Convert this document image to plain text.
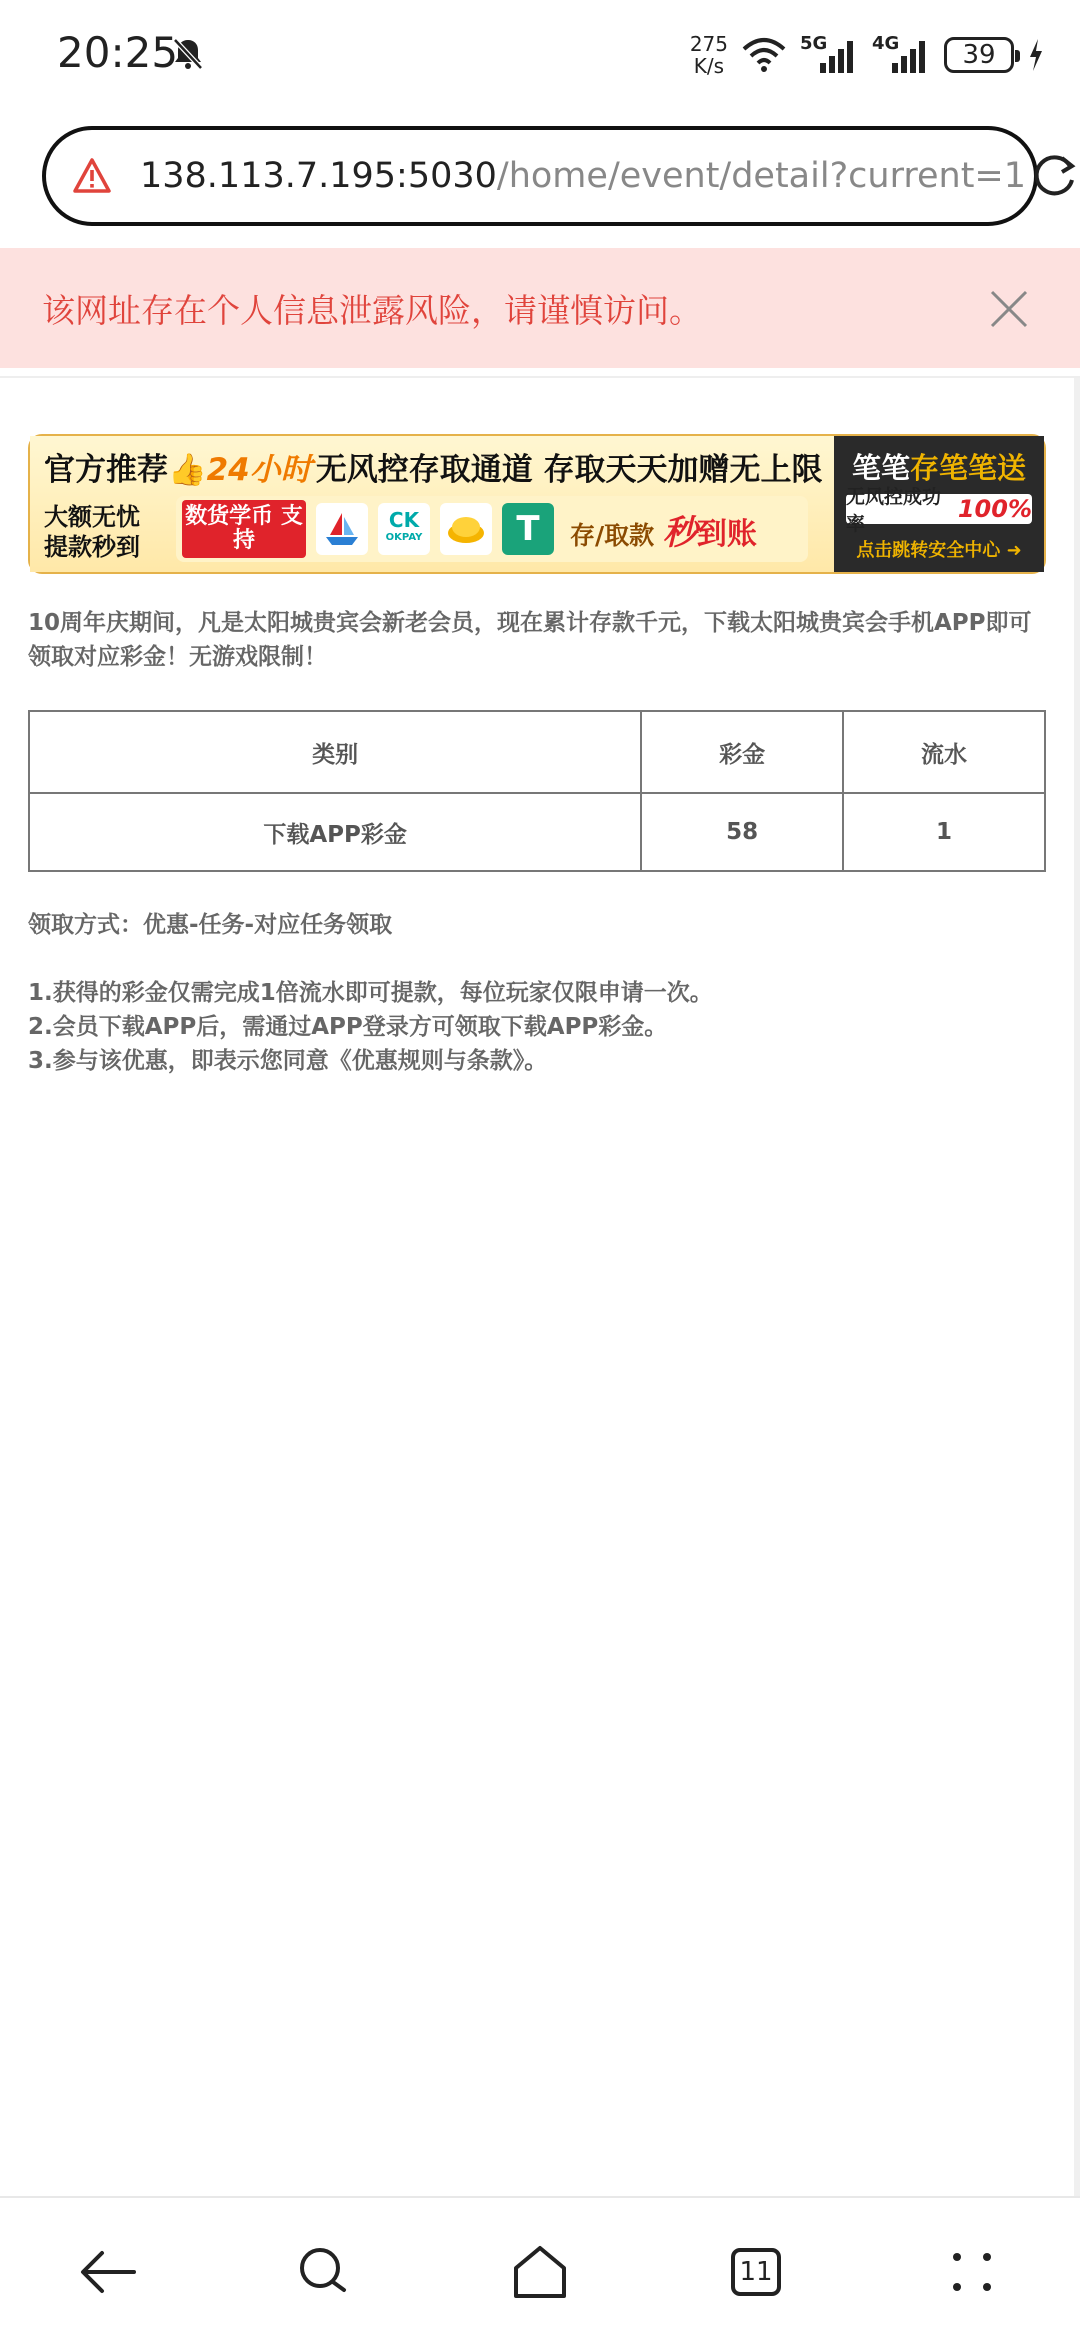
20:25	275
K/s
5G 4G	39
138.113.7.195:5030/home/event/detail?current=1
该网址存在个人信息泄露风险，请谨慎访问。
官方推荐👍24小时 无风控存取通道 存取天天加赠无上限
大额无忧提款秒到
数货学币 支持
CK
OKPAY	T	存/取款 秒到账
笔笔存笔笔送
无风控成功率
100%
点击跳转安全中心 ➜
10周年庆期间，凡是太阳城贵宾会新老会员，现在累计存款千元，下载太阳城贵宾会手机APP即可领取对应彩金！无游戏限制！
类别	彩金	流水
下载APP彩金	58	1
领取方式：优惠-任务-对应任务领取
1.获得的彩金仅需完成1倍流水即可提款，每位玩家仅限申请一次。
2.会员下载APP后，需通过APP登录方可领取下载APP彩金。
3.参与该优惠，即表示您同意《优惠规则与条款》。
11
